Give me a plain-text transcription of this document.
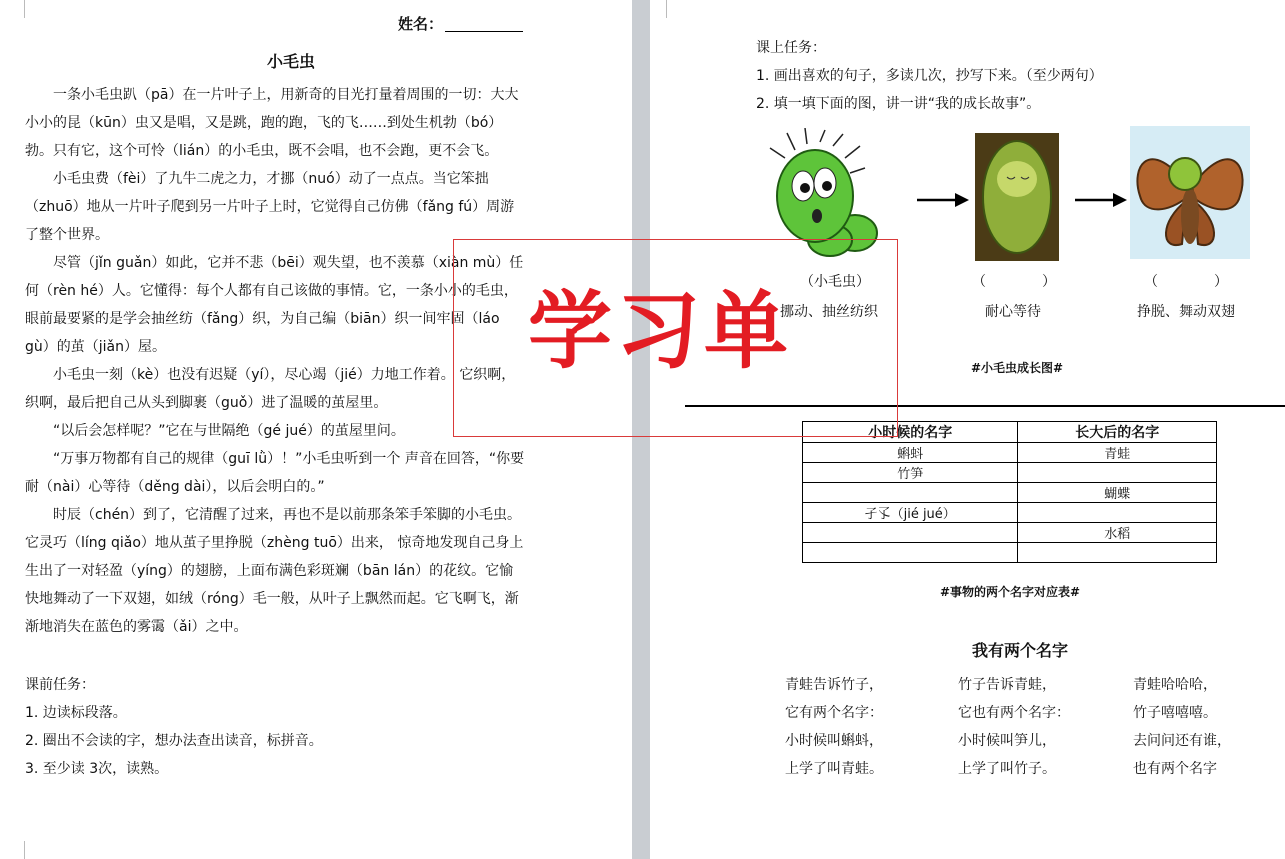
姓名：
小毛虫

一条小毛虫趴（pā）在一片叶子上，用新奇的目光打量着周围的一切：大大小小的昆（kūn）虫又是唱，又是跳，跑的跑，飞的飞……到处生机勃（bó）勃。只有它，这个可怜（lián）的小毛虫，既不会唱，也不会跑，更不会飞。

小毛虫费（fèi）了九牛二虎之力，才挪（nuó）动了一点点。当它笨拙（zhuō）地从一片叶子爬到另一片叶子上时，它觉得自己仿佛（fǎng fú）周游了整个世界。

尽管（jǐn guǎn）如此，它并不悲（bēi）观失望，也不羡慕（xiàn mù）任何（rèn hé）人。它懂得：每个人都有自己该做的事情。它，一条小小的毛虫，眼前最要紧的是学会抽丝纺（fǎng）织，为自己编（biān）织一间牢固（láo gù）的茧（jiǎn）屋。

小毛虫一刻（kè）也没有迟疑（yí），尽心竭（jié）力地工作着。 它织啊，织啊，最后把自己从头到脚裹（guǒ）进了温暖的茧屋里。

“以后会怎样呢？”它在与世隔绝（gé jué）的茧屋里问。

“万事万物都有自己的规律（guī lǜ）！”小毛虫听到一个 声音在回答，“你要耐（nài）心等待（děng dài），以后会明白的。”

时辰（chén）到了，它清醒了过来，再也不是以前那条笨手笨脚的小毛虫。它灵巧（líng qiǎo）地从茧子里挣脱（zhèng tuō）出来， 惊奇地发现自己身上生出了一对轻盈（yíng）的翅膀，上面布满色彩斑斓（bān lán）的花纹。它愉快地舞动了一下双翅，如绒（róng）毛一般，从叶子上飘然而起。它飞啊飞，渐渐地消失在蓝色的雾霭（ǎi）之中。

课前任务：
1. 边读标段落。
2. 圈出不会读的字，想办法查出读音，标拼音。
3. 至少读 3次，读熟。
课上任务：
1. 画出喜欢的句子，多读几次，抄写下来。（至少两句）
2. 填一填下面的图，讲一讲“我的成长故事”。
（小毛虫）
挪动、抽丝纺织
（　　　　）
耐心等待
（　　　　）
挣脱、舞动双翅
#小毛虫成长图#
#事物的两个名字对应表#
我有两个名字
青蛙告诉竹子，
它有两个名字：
小时候叫蝌蚪，
上学了叫青蛙。
竹子告诉青蛙，
它也有两个名字：
小时候叫笋儿，
上学了叫竹子。
青蛙哈哈哈，
竹子嘻嘻嘻。
去问问还有谁，
也有两个名字
小时候的名字	长大后的名字
蝌蚪	青蛙
竹笋	
	蝴蝶
孑孓（jié jué）	
	水稻

学习单
